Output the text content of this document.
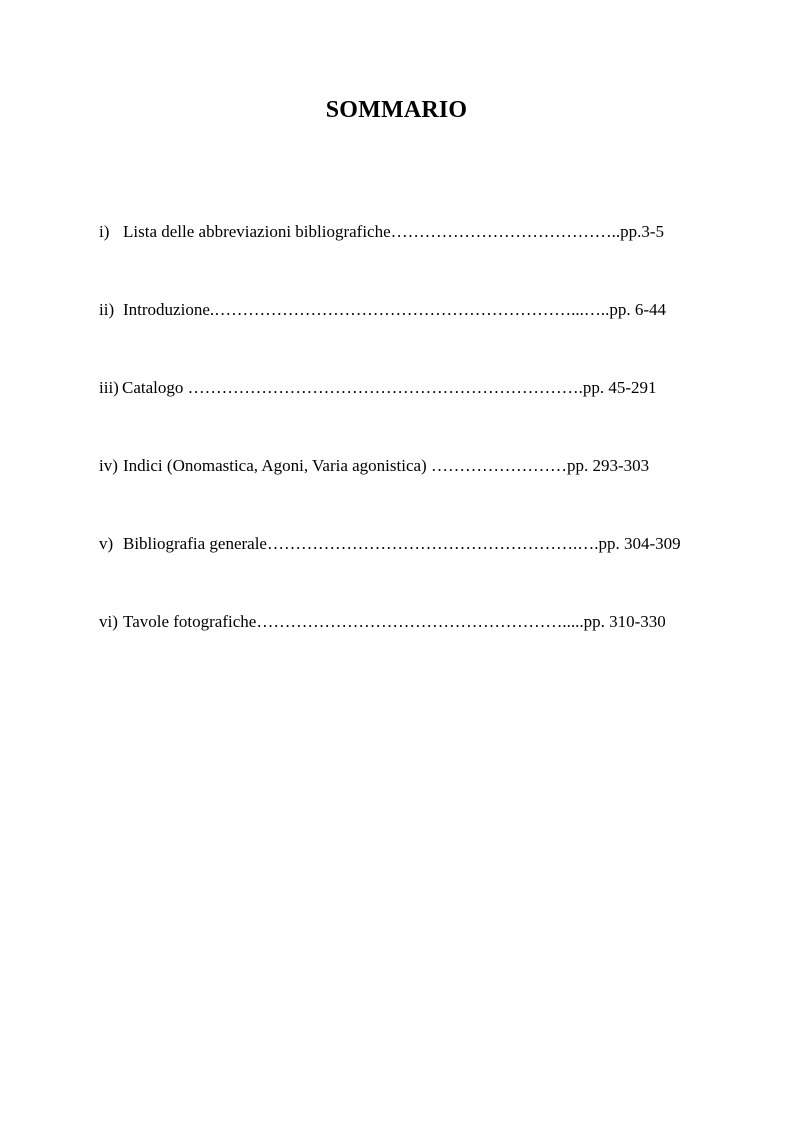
SOMMARIO
i) Lista delle abbreviazioni bibliografiche…………………………………..pp.3-5
ii) Introduzione.………………………………………………………...…..pp. 6-44
iii) Catalogo …………………………………………………………….pp. 45-291
iv) Indici (Onomastica, Agoni, Varia agonistica) ……………………pp. 293-303
v) Bibliografia generale……………………………………………….….pp. 304-309
vi) Tavole fotografiche……………………………………………….....pp. 310-330
